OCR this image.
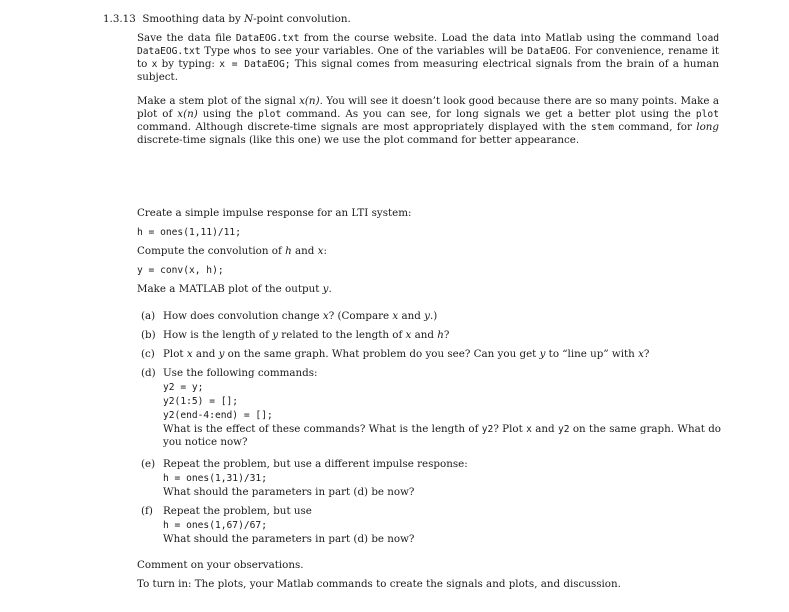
1.3.13 Smoothing data by N-point convolution.
Save the data file DataEOG.txt from the course website. Load the data into Matlab using the command load DataEOG.txt Type whos to see your variables. One of the variables will be DataEOG. For convenience, rename it to x by typing: x = DataEOG; This signal comes from measuring electrical signals from the brain of a human subject.
Make a stem plot of the signal x(n). You will see it doesn’t look good because there are so many points. Make a plot of x(n) using the plot command. As you can see, for long signals we get a better plot using the plot command. Although discrete-time signals are most appropriately displayed with the stem command, for long discrete-time signals (like this one) we use the plot command for better appearance.
Create a simple impulse response for an LTI system:
h = ones(1,11)/11;
Compute the convolution of h and x:
y = conv(x, h);
Make a MATLAB plot of the output y.
(a) How does convolution change x? (Compare x and y.)
(b) How is the length of y related to the length of x and h?
(c) Plot x and y on the same graph. What problem do you see? Can you get y to “line up” with x?
(d) Use the following commands:
y2 = y;
y2(1:5) = [];
y2(end-4:end) = [];
What is the effect of these commands? What is the length of y2? Plot x and y2 on the same graph. What do you notice now?
(e) Repeat the problem, but use a different impulse response:
h = ones(1,31)/31;
What should the parameters in part (d) be now?
(f) Repeat the problem, but use
h = ones(1,67)/67;
What should the parameters in part (d) be now?
Comment on your observations.
To turn in: The plots, your Matlab commands to create the signals and plots, and discussion.
